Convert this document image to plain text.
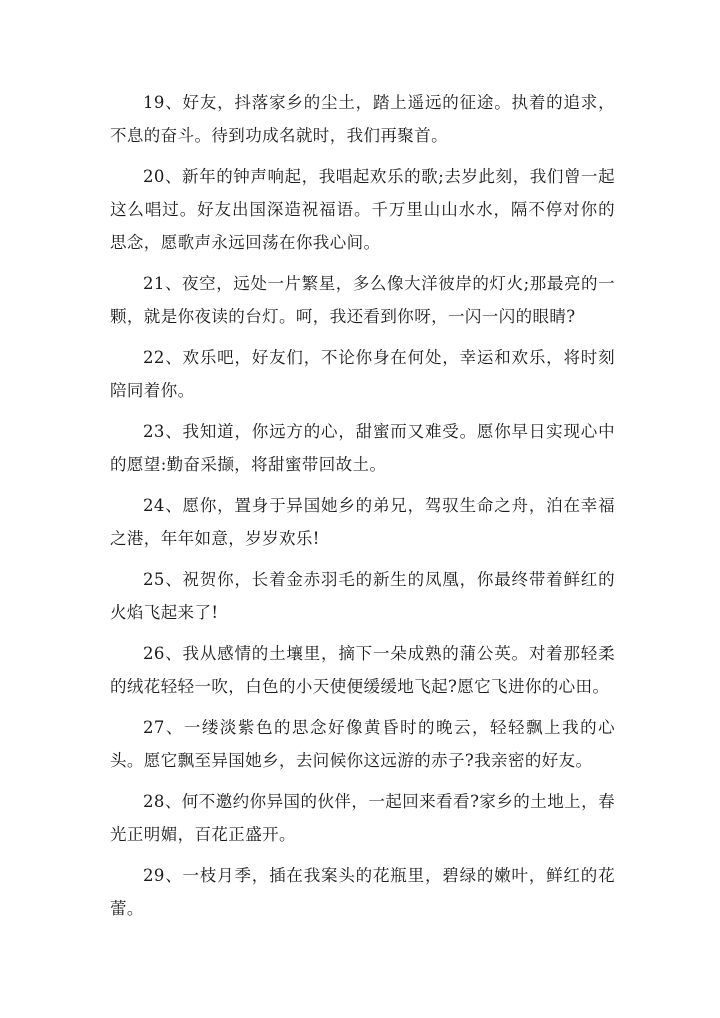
19、好友，抖落家乡的尘土，踏上遥远的征途。执着的追求，不息的奋斗。待到功成名就时，我们再聚首。

20、新年的钟声响起，我唱起欢乐的歌;去岁此刻，我们曾一起这么唱过。好友出国深造祝福语。千万里山山水水，隔不停对你的思念，愿歌声永远回荡在你我心间。

21、夜空，远处一片繁星，多么像大洋彼岸的灯火;那最亮的一颗，就是你夜读的台灯。呵，我还看到你呀，一闪一闪的眼睛?

22、欢乐吧，好友们，不论你身在何处，幸运和欢乐，将时刻陪同着你。

23、我知道，你远方的心，甜蜜而又难受。愿你早日实现心中的愿望:勤奋采撷，将甜蜜带回故土。

24、愿你，置身于异国她乡的弟兄，驾驭生命之舟，泊在幸福之港，年年如意，岁岁欢乐!

25、祝贺你，长着金赤羽毛的新生的凤凰，你最终带着鲜红的火焰飞起来了!

26、我从感情的土壤里，摘下一朵成熟的蒲公英。对着那轻柔的绒花轻轻一吹，白色的小天使便缓缓地飞起?愿它飞进你的心田。

27、一缕淡紫色的思念好像黄昏时的晚云，轻轻飘上我的心头。愿它飘至异国她乡，去问候你这远游的赤子?我亲密的好友。

28、何不邀约你异国的伙伴，一起回来看看?家乡的土地上，春光正明媚，百花正盛开。

29、一枝月季，插在我案头的花瓶里，碧绿的嫩叶，鲜红的花蕾。
